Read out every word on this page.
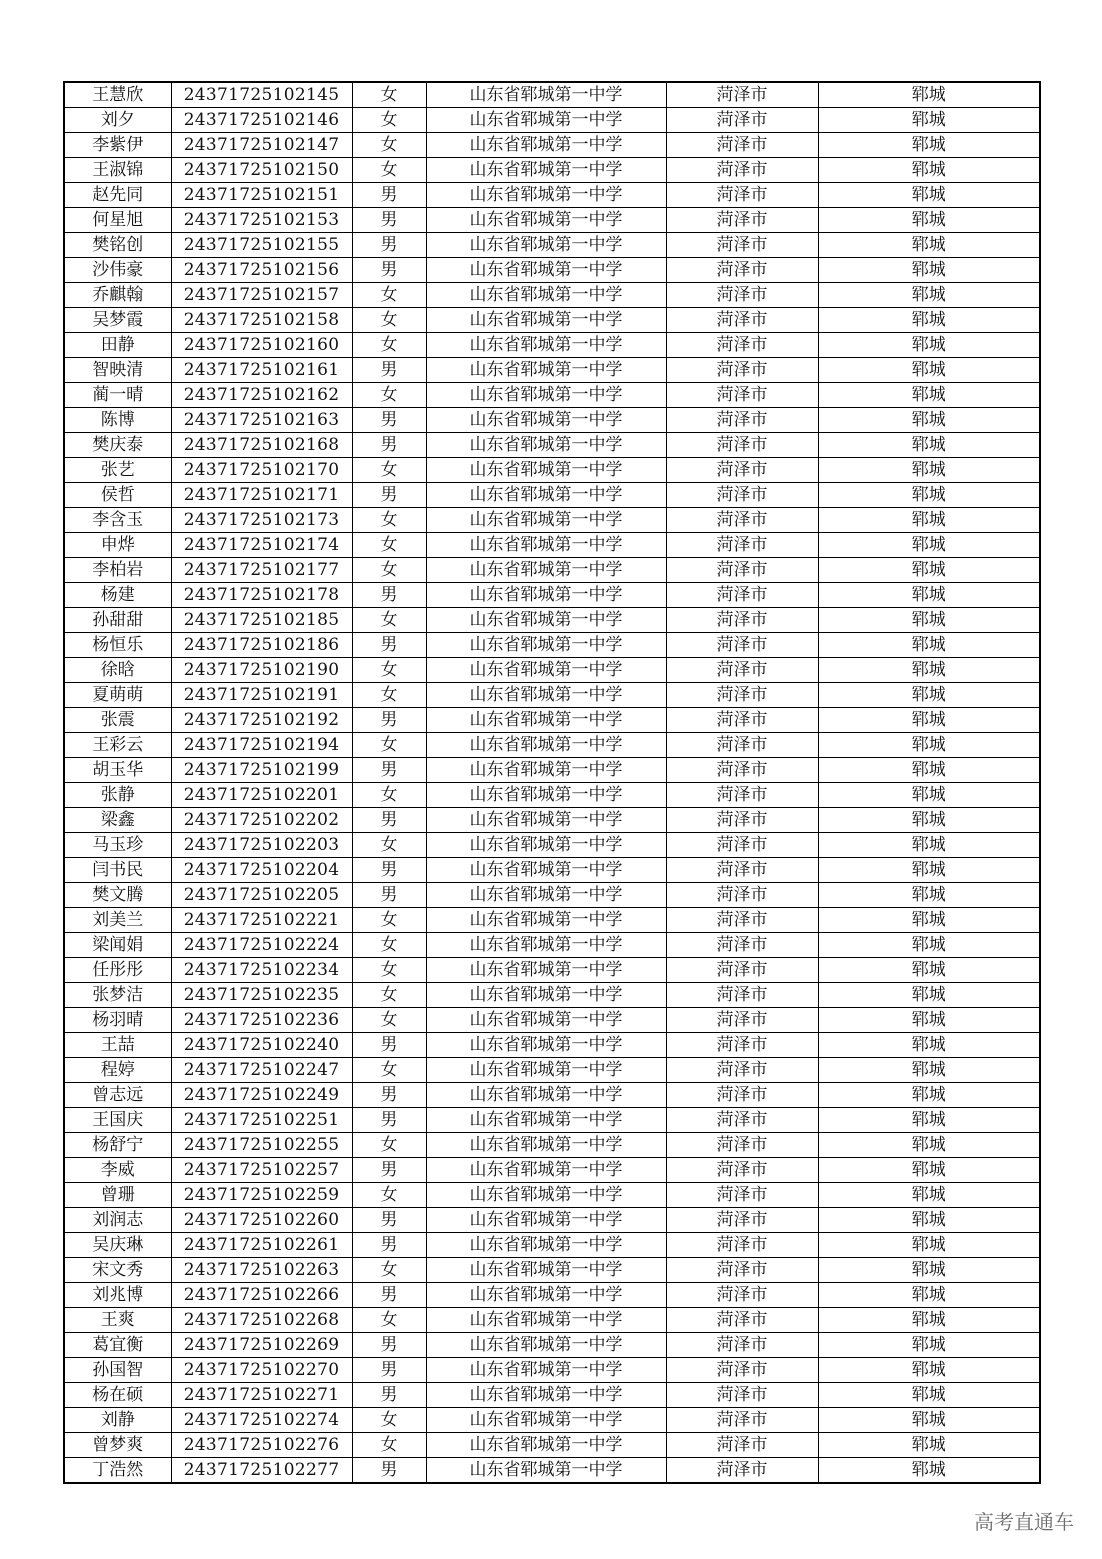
王慧欣	24371725102145	女	山东省郓城第一中学	菏泽市	郓城
刘夕	24371725102146	女	山东省郓城第一中学	菏泽市	郓城
李紫伊	24371725102147	女	山东省郓城第一中学	菏泽市	郓城
王淑锦	24371725102150	女	山东省郓城第一中学	菏泽市	郓城
赵先同	24371725102151	男	山东省郓城第一中学	菏泽市	郓城
何星旭	24371725102153	男	山东省郓城第一中学	菏泽市	郓城
樊铭创	24371725102155	男	山东省郓城第一中学	菏泽市	郓城
沙伟豪	24371725102156	男	山东省郓城第一中学	菏泽市	郓城
乔麒翰	24371725102157	女	山东省郓城第一中学	菏泽市	郓城
吴梦霞	24371725102158	女	山东省郓城第一中学	菏泽市	郓城
田静	24371725102160	女	山东省郓城第一中学	菏泽市	郓城
智映清	24371725102161	男	山东省郓城第一中学	菏泽市	郓城
蔺一晴	24371725102162	女	山东省郓城第一中学	菏泽市	郓城
陈博	24371725102163	男	山东省郓城第一中学	菏泽市	郓城
樊庆泰	24371725102168	男	山东省郓城第一中学	菏泽市	郓城
张艺	24371725102170	女	山东省郓城第一中学	菏泽市	郓城
侯哲	24371725102171	男	山东省郓城第一中学	菏泽市	郓城
李含玉	24371725102173	女	山东省郓城第一中学	菏泽市	郓城
申烨	24371725102174	女	山东省郓城第一中学	菏泽市	郓城
李柏岩	24371725102177	女	山东省郓城第一中学	菏泽市	郓城
杨建	24371725102178	男	山东省郓城第一中学	菏泽市	郓城
孙甜甜	24371725102185	女	山东省郓城第一中学	菏泽市	郓城
杨恒乐	24371725102186	男	山东省郓城第一中学	菏泽市	郓城
徐晗	24371725102190	女	山东省郓城第一中学	菏泽市	郓城
夏萌萌	24371725102191	女	山东省郓城第一中学	菏泽市	郓城
张震	24371725102192	男	山东省郓城第一中学	菏泽市	郓城
王彩云	24371725102194	女	山东省郓城第一中学	菏泽市	郓城
胡玉华	24371725102199	男	山东省郓城第一中学	菏泽市	郓城
张静	24371725102201	女	山东省郓城第一中学	菏泽市	郓城
梁鑫	24371725102202	男	山东省郓城第一中学	菏泽市	郓城
马玉珍	24371725102203	女	山东省郓城第一中学	菏泽市	郓城
闫书民	24371725102204	男	山东省郓城第一中学	菏泽市	郓城
樊文腾	24371725102205	男	山东省郓城第一中学	菏泽市	郓城
刘美兰	24371725102221	女	山东省郓城第一中学	菏泽市	郓城
梁闻娟	24371725102224	女	山东省郓城第一中学	菏泽市	郓城
任彤彤	24371725102234	女	山东省郓城第一中学	菏泽市	郓城
张梦洁	24371725102235	女	山东省郓城第一中学	菏泽市	郓城
杨羽晴	24371725102236	女	山东省郓城第一中学	菏泽市	郓城
王喆	24371725102240	男	山东省郓城第一中学	菏泽市	郓城
程婷	24371725102247	女	山东省郓城第一中学	菏泽市	郓城
曾志远	24371725102249	男	山东省郓城第一中学	菏泽市	郓城
王国庆	24371725102251	男	山东省郓城第一中学	菏泽市	郓城
杨舒宁	24371725102255	女	山东省郓城第一中学	菏泽市	郓城
李威	24371725102257	男	山东省郓城第一中学	菏泽市	郓城
曾珊	24371725102259	女	山东省郓城第一中学	菏泽市	郓城
刘润志	24371725102260	男	山东省郓城第一中学	菏泽市	郓城
吴庆琳	24371725102261	男	山东省郓城第一中学	菏泽市	郓城
宋文秀	24371725102263	女	山东省郓城第一中学	菏泽市	郓城
刘兆博	24371725102266	男	山东省郓城第一中学	菏泽市	郓城
王爽	24371725102268	女	山东省郓城第一中学	菏泽市	郓城
葛宜衡	24371725102269	男	山东省郓城第一中学	菏泽市	郓城
孙国智	24371725102270	男	山东省郓城第一中学	菏泽市	郓城
杨在硕	24371725102271	男	山东省郓城第一中学	菏泽市	郓城
刘静	24371725102274	女	山东省郓城第一中学	菏泽市	郓城
曾梦爽	24371725102276	女	山东省郓城第一中学	菏泽市	郓城
丁浩然	24371725102277	男	山东省郓城第一中学	菏泽市	郓城
高考直通车
